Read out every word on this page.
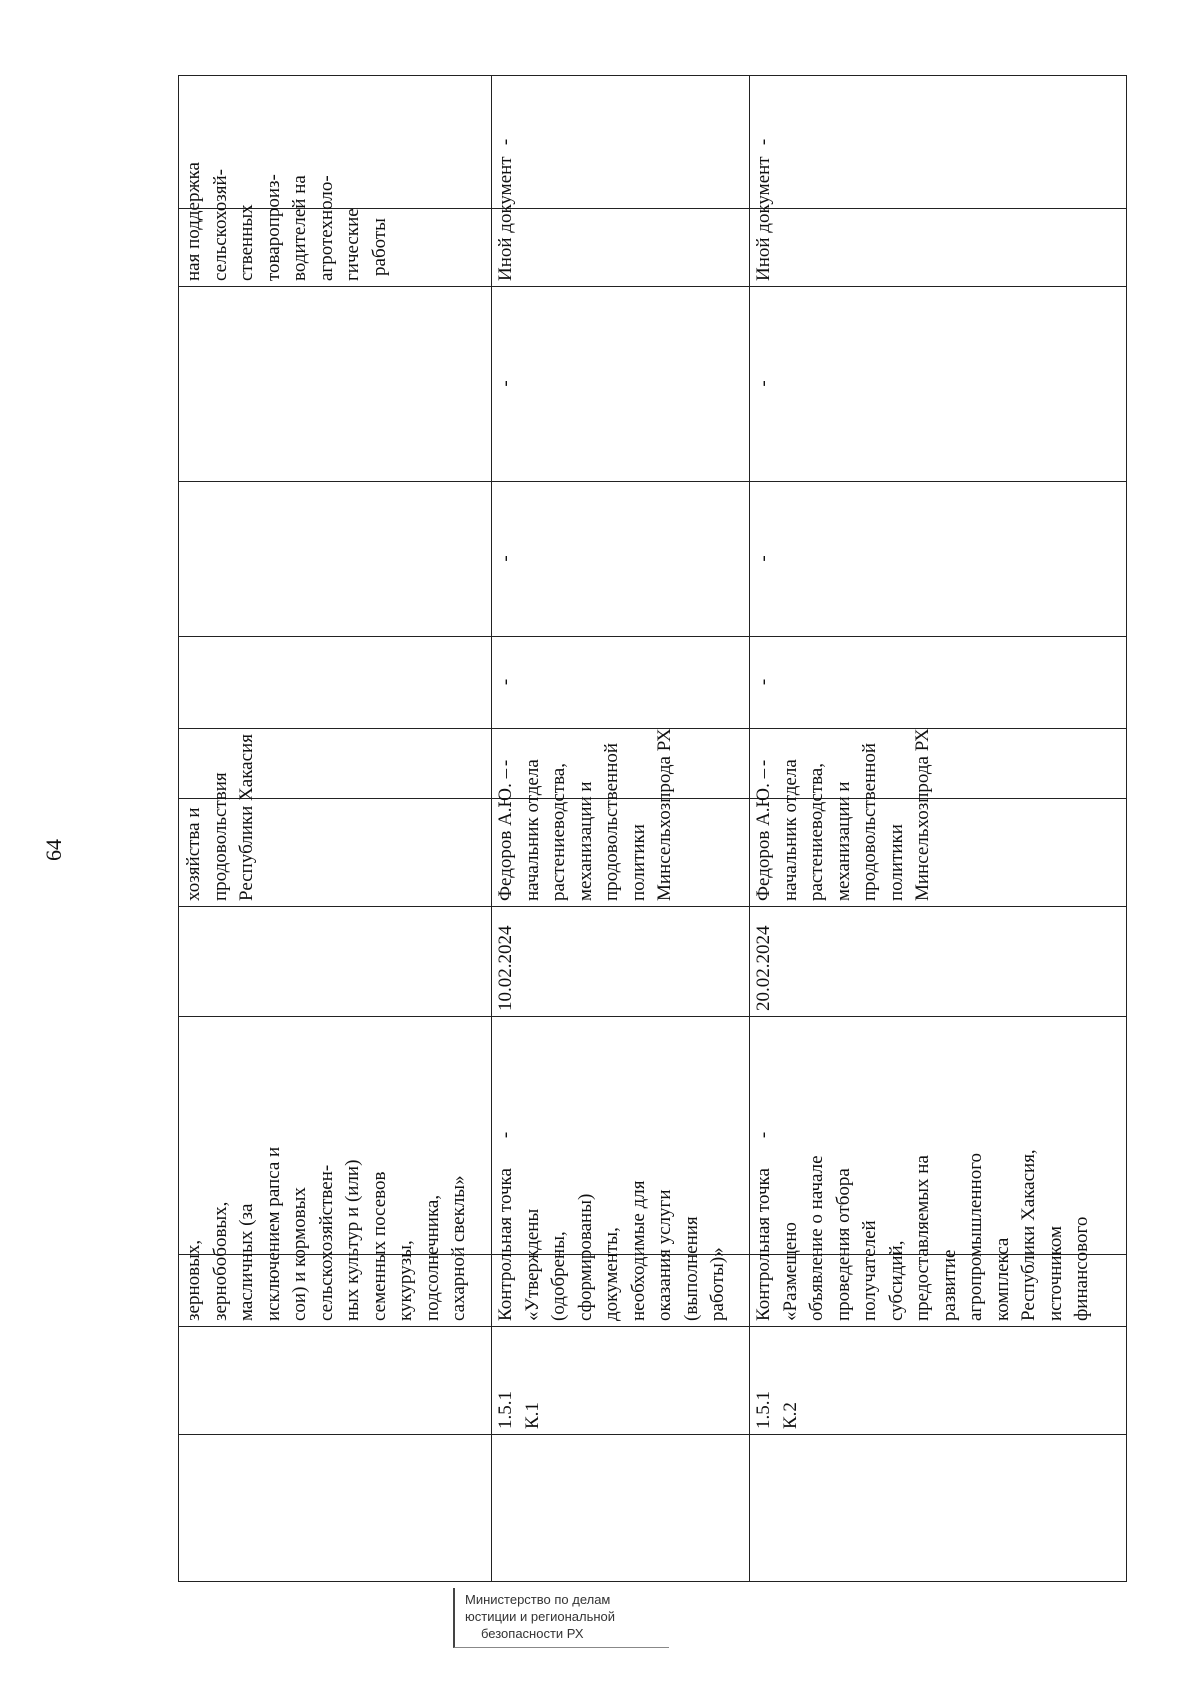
64
ная поддержка
сельскохозяй-
ственных
товаропроиз-
водителей на
агротехноло-
гические
работы
хозяйства и
продовольствия
Республики Хакасия
зерновых,
зернобобовых,
масличных (за
исключением рапса и
сои) и кормовых
сельскохозяйствен-
ных культур и (или)
семенных посевов
кукурузы,
подсолнечника,
сахарной свеклы»
-
Иной документ
-
-
-
-
Федоров А.Ю. –
начальник отдела
растениеводства,
механизации и
продовольственной
политики
Минсельхозпрода РХ
10.02.2024
-
Контрольная точка
«Утверждены
(одобрены,
сформированы)
документы,
необходимые для
оказания услуги
(выполнения
работы)»
1.5.1
К.1
-
Иной документ
-
-
-
-
Федоров А.Ю. –
начальник отдела
растениеводства,
механизации и
продовольственной
политики
Минсельхозпрода РХ
20.02.2024
-
Контрольная точка
«Размещено
объявление о начале
проведения отбора
получателей
субсидий,
предоставляемых на
развитие
агропромышленного
комплекса
Республики Хакасия,
источником
финансового
1.5.1
К.2
Министерство по делам
юстиции и региональной
безопасности РХ
